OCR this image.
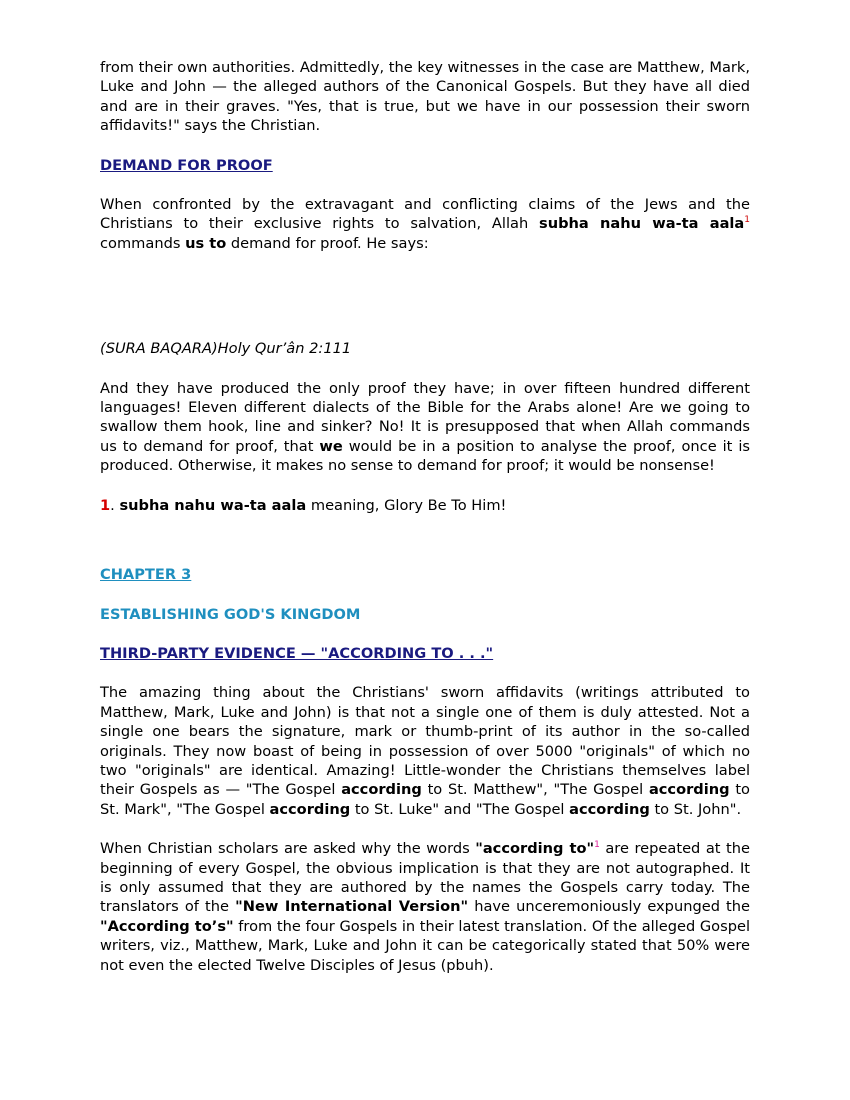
from their own authorities. Admittedly, the key witnesses in the case are Matthew, Mark, Luke and John — the alleged authors of the Canonical Gospels. But they have all died and are in their graves. "Yes, that is true, but we have in our possession their sworn affidavits!" says the Christian.

DEMAND FOR PROOF

When confronted by the extravagant and conflicting claims of the Jews and the Christians to their exclusive rights to salvation, Allah subha nahu wa-ta aala$^1$ commands us to demand for proof. He says:

(SURA BAQARA)Holy Qur’ân 2:111

And they have produced the only proof they have; in over fifteen hundred different languages! Eleven different dialects of the Bible for the Arabs alone! Are we going to swallow them hook, line and sinker? No! It is presupposed that when Allah commands us to demand for proof, that we would be in a position to analyse the proof, once it is produced. Otherwise, it makes no sense to demand for proof; it would be nonsense!

1. subha nahu wa-ta aala meaning, Glory Be To Him!

CHAPTER 3
ESTABLISHING GOD'S KINGDOM
THIRD-PARTY EVIDENCE — "ACCORDING TO . . ."

The amazing thing about the Christians' sworn affidavits (writings attributed to Matthew, Mark, Luke and John) is that not a single one of them is duly attested. Not a single one bears the signature, mark or thumb-print of its author in the so-called originals. They now boast of being in possession of over 5000 "originals" of which no two "originals" are identical. Amazing! Little-wonder the Christians themselves label their Gospels as — "The Gospel according to St. Matthew", "The Gospel according to St. Mark", "The Gospel according to St. Luke" and "The Gospel according to St. John".

When Christian scholars are asked why the words "according to"$^1$ are repeated at the beginning of every Gospel, the obvious implication is that they are not autographed. It is only assumed that they are authored by the names the Gospels carry today. The translators of the "New International Version" have unceremoniously expunged the "According to’s" from the four Gospels in their latest translation. Of the alleged Gospel writers, viz., Matthew, Mark, Luke and John it can be categorically stated that 50% were not even the elected Twelve Disciples of Jesus (pbuh).
